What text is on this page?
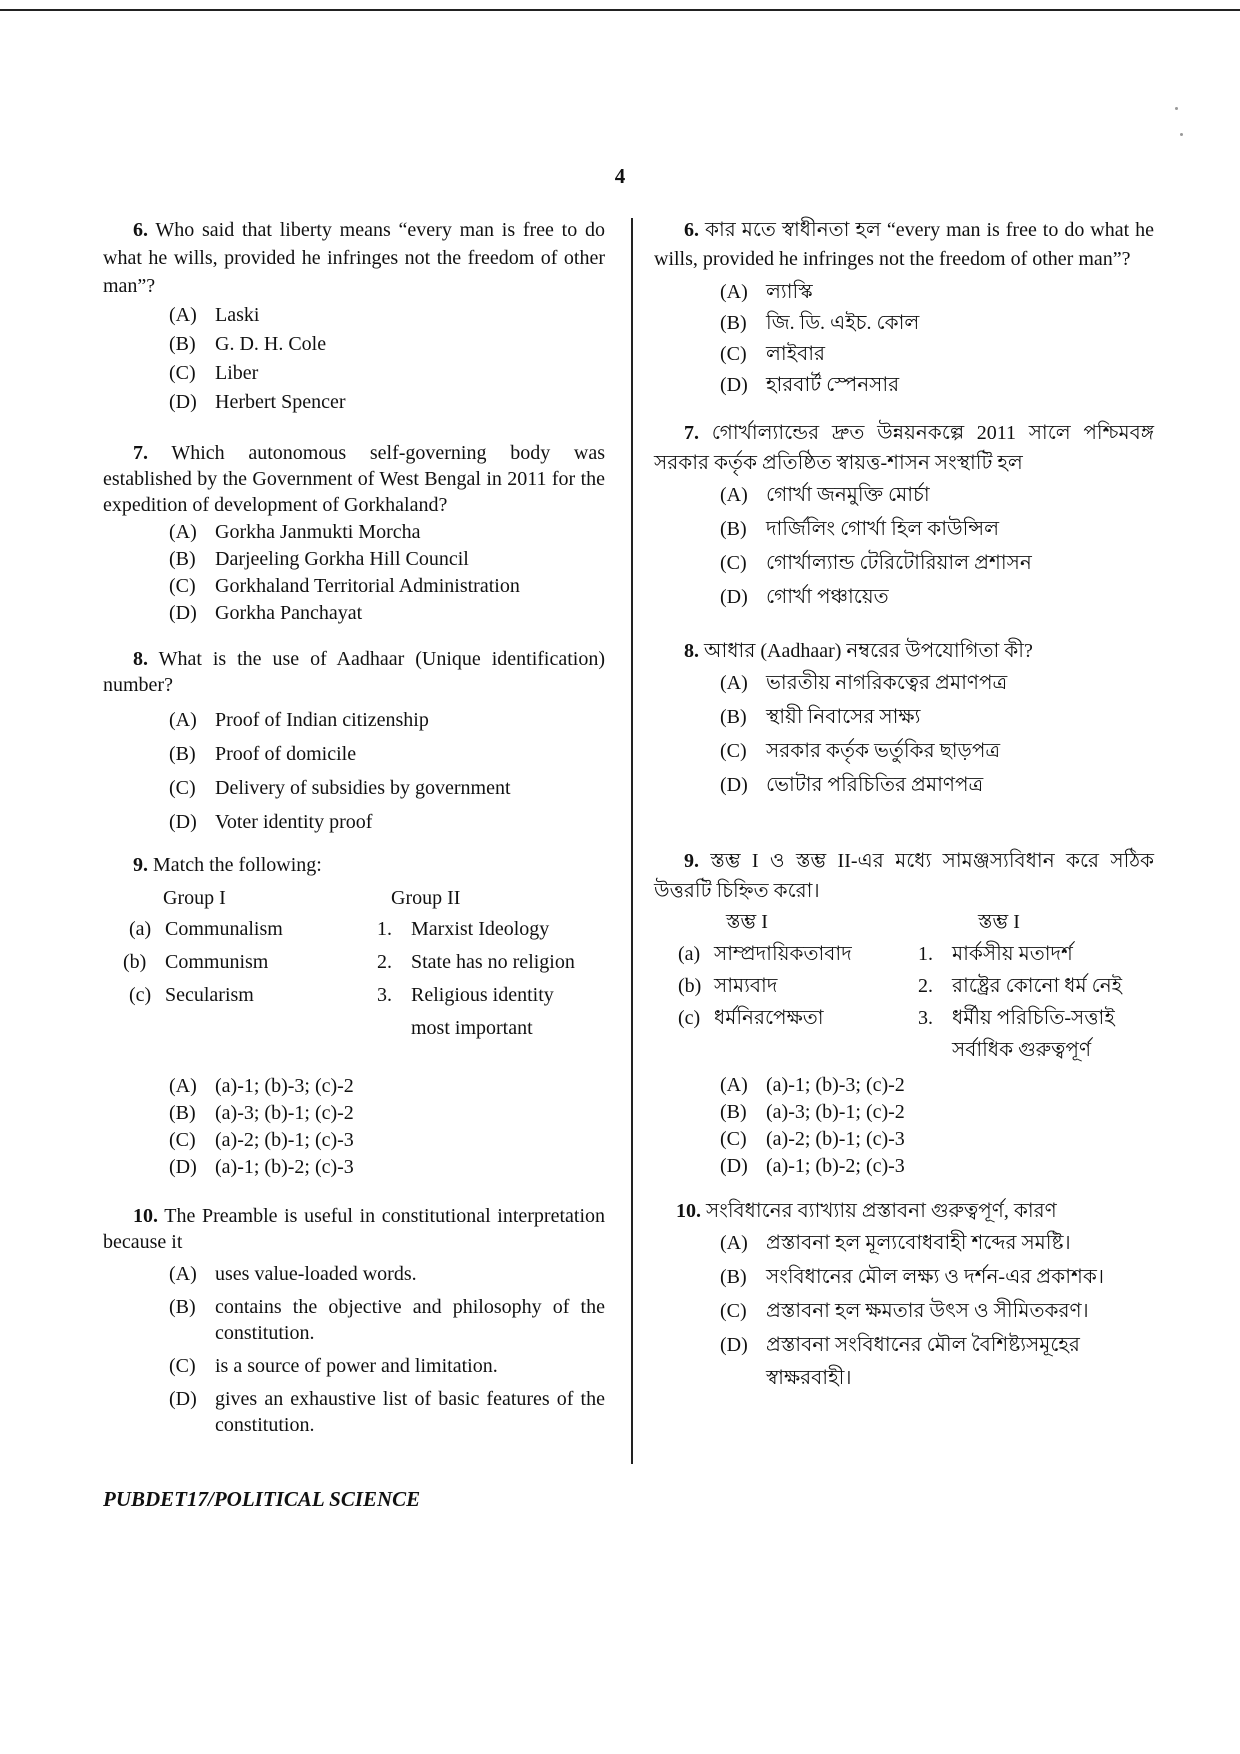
4

6. Who said that liberty means “every man is free to do what he wills, provided he infringes not the freedom of other man”?

(A) Laski
(B) G. D. H. Cole
(C) Liber
(D) Herbert Spencer

7. Which autonomous self-governing body was established by the Government of West Bengal in 2011 for the expedition of development of Gorkhaland?

(A) Gorkha Janmukti Morcha
(B) Darjeeling Gorkha Hill Council
(C) Gorkhaland Territorial Administration
(D) Gorkha Panchayat

8. What is the use of Aadhaar (Unique identification) number?

(A) Proof of Indian citizenship
(B) Proof of domicile
(C) Delivery of subsidies by government
(D) Voter identity proof

9. Match the following:

Group I	Group II
(a) Communalism	1. Marxist Ideology
(b) Communism	2. State has no religion
(c) Secularism	3. Religious identity
most important
(A) (a)-1; (b)-3; (c)-2
(B) (a)-3; (b)-1; (c)-2
(C) (a)-2; (b)-1; (c)-3
(D) (a)-1; (b)-2; (c)-3

10. The Preamble is useful in constitutional interpretation because it

(A) uses value-loaded words.
(B) contains the objective and philosophy of the constitution.
(C) is a source of power and limitation.
(D) gives an exhaustive list of basic features of the constitution.

6. কার মতে স্বাধীনতা হল “every man is free to do what he wills, provided he infringes not the freedom of other man”?

(A) ল্যাস্কি
(B) জি. ডি. এইচ. কোল
(C) লাইবার
(D) হারবার্ট স্পেনসার

7. গোর্খাল্যান্ডের দ্রুত উন্নয়নকল্পে 2011 সালে পশ্চিমবঙ্গ সরকার কর্তৃক প্রতিষ্ঠিত স্বায়ত্ত-শাসন সংস্থাটি হল

(A) গোর্খা জনমুক্তি মোর্চা
(B) দার্জিলিং গোর্খা হিল কাউন্সিল
(C) গোর্খাল্যান্ড টেরিটোরিয়াল প্রশাসন
(D) গোর্খা পঞ্চায়েত

8. আধার (Aadhaar) নম্বরের উপযোগিতা কী?

(A) ভারতীয় নাগরিকত্বের প্রমাণপত্র
(B) স্থায়ী নিবাসের সাক্ষ্য
(C) সরকার কর্তৃক ভর্তুকির ছাড়পত্র
(D) ভোটার পরিচিতির প্রমাণপত্র

9. স্তম্ভ I ও স্তম্ভ II-এর মধ্যে সামঞ্জস্যবিধান করে সঠিক উত্তরটি চিহ্নিত করো।

স্তম্ভ I	স্তম্ভ I
(a) সাম্প্রদায়িকতাবাদ	1. মার্কসীয় মতাদর্শ
(b) সাম্যবাদ	2. রাষ্ট্রের কোনো ধর্ম নেই
(c) ধর্মনিরপেক্ষতা	3. ধর্মীয় পরিচিতি-সত্তাই
সর্বাধিক গুরুত্বপূর্ণ
(A) (a)-1; (b)-3; (c)-2
(B) (a)-3; (b)-1; (c)-2
(C) (a)-2; (b)-1; (c)-3
(D) (a)-1; (b)-2; (c)-3

10. সংবিধানের ব্যাখ্যায় প্রস্তাবনা গুরুত্বপূর্ণ, কারণ

(A) প্রস্তাবনা হল মূল্যবোধবাহী শব্দের সমষ্টি।
(B) সংবিধানের মৌল লক্ষ্য ও দর্শন-এর প্রকাশক।
(C) প্রস্তাবনা হল ক্ষমতার উৎস ও সীমিতকরণ।
(D) প্রস্তাবনা সংবিধানের মৌল বৈশিষ্ট্যসমূহের স্বাক্ষরবাহী।
PUBDET17/POLITICAL SCIENCE
